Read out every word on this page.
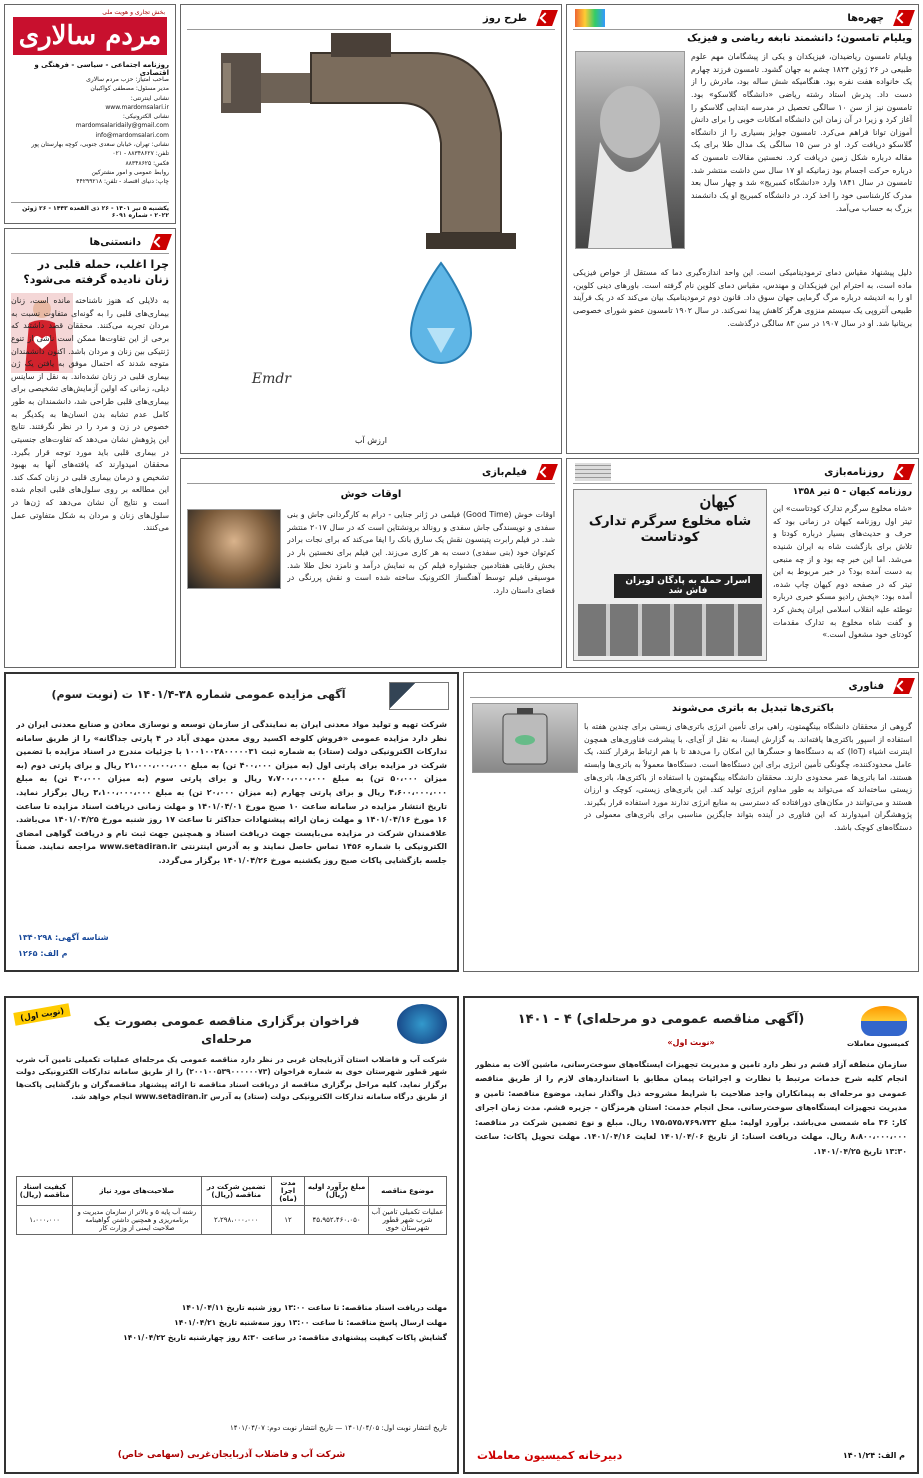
بخش تجاری و هویت ملی
مردم سالاری
روزنامه اجتماعی - سیاسی - فرهنگی و اقتصادی
صاحب امتیاز: حزب مردم سالاری
مدیر مسئول: مصطفی کواکبیان
نشانی اینترنتی:
www.mardomsalari.ir
نشانی الکترونیکی:
mardomsalaridaily@gmail.com
info@mardomsalari.com
نشانی: تهران، خیابان سعدی جنوبی، کوچه بهارستان پور
تلفن: ۸۸۳۴۸۶۲۷ - ۰۲۱
فکس: ۸۸۳۴۸۶۲۵
روابط عمومی و امور مشترکین
چاپ: دنیای اقتصاد - تلفن: ۴۴۲۹۹۲۱۸
یکشنبه ۵ تیر ۱۴۰۱ - ۲۶ ذی القعده ۱۴۴۳ - ۲۶ ژوئن ۲۰۲۲ - شماره ۶۰۹۱
دانستنی‌ها
چرا اغلب، حمله قلبی در زنان نادیده گرفته می‌شود؟
به دلایلی که هنوز ناشناخته مانده است، زنان بیماری‌های قلبی را به گونه‌ای متفاوت نسبت به مردان تجربه می‌کنند. محققان قصد داشتند که برخی از این تفاوت‌ها ممکن است ناشی از تنوع ژنتیکی بین زنان و مردان باشد. اکنون دانشمندان متوجه شدند که احتمال موفق به یافتن یک ژن بیماری قلبی در زنان نشده‌اند. به نقل از ساینس دیلی، زمانی که اولین آزمایش‌های تشخیصی برای بیماری‌های قلبی طراحی شد، دانشمندان به طور کامل عدم تشابه بدن انسان‌ها به یکدیگر به خصوص در زن و مرد را در نظر نگرفتند. نتایج این پژوهش نشان می‌دهد که تفاوت‌های جنسیتی در بیماری قلبی باید مورد توجه قرار بگیرد. محققان امیدوارند که یافته‌های آنها به بهبود تشخیص و درمان بیماری قلبی در زنان کمک کند. این مطالعه بر روی سلول‌های قلبی انجام شده است و نتایج آن نشان می‌دهد که ژن‌ها در سلول‌های زنان و مردان به شکل متفاوتی عمل می‌کنند.
طرح روز
Emdr
ارزش آب
چهره‌ها
ویلیام تامسون؛ دانشمند نابغه ریاضی و فیزیک
ویلیام تامسون ریاضیدان، فیزیکدان و یکی از پیشگامان مهم علوم طبیعی در ۲۶ ژوئن ۱۸۲۴ چشم به جهان گشود. تامسون فرزند چهارم یک خانواده هفت نفره بود. هنگامیکه شش ساله بود، مادرش را از دست داد. پدرش استاد رشته ریاضی «دانشگاه گلاسکو» بود. تامسون نیز از سن ۱۰ سالگی تحصیل در مدرسه ابتدایی گلاسکو را آغاز کرد و زیرا در آن زمان این دانشگاه امکانات خوبی را برای دانش آموزان توانا فراهم می‌کرد. تامسون جوایز بسیاری را از دانشگاه گلاسکو دریافت کرد. او در سن ۱۵ سالگی یک مدال طلا برای یک مقاله درباره شکل زمین دریافت کرد. نخستین مقالات تامسون که درباره حرکت اجسام بود زمانیکه او ۱۷ سال سن داشت منتشر شد. تامسون در سال ۱۸۴۱ وارد «دانشگاه کمبریج» شد و چهار سال بعد مدرک کارشناسی خود را اخذ کرد. در دانشگاه کمبریج او یک دانشمند بزرگ به حساب می‌آمد.
دلیل پیشنهاد مقیاس دمای ترمودینامیکی است. این واحد اندازه‌گیری دما که مستقل از خواص فیزیکی ماده است، به احترام این فیزیکدان و مهندس، مقیاس دمای کلوین نام گرفته است. باورهای دینی کلوین، او را به اندیشه درباره مرگ گرمایی جهان سوق داد. قانون دوم ترمودینامیک بیان می‌کند که در یک فرآیند طبیعی آنتروپی یک سیستم منزوی هرگز کاهش پیدا نمی‌کند. در سال ۱۹۰۲ تامسون عضو شورای خصوصی بریتانیا شد. او در سال ۱۹۰۷ در سن ۸۳ سالگی درگذشت.
فیلم‌بازی
اوقات خوش
اوقات خوش (Good Time) فیلمی در ژانر جنایی - درام به کارگردانی جاش و بنی سفدی و نویسندگی جاش سفدی و رونالد برونشتاین است که در سال ۲۰۱۷ منتشر شد. در فیلم رابرت پتینسون نقش یک سارق بانک را ایفا می‌کند که برای نجات برادر کم‌توان خود (بنی سفدی) دست به هر کاری می‌زند. این فیلم برای نخستین بار در بخش رقابتی هفتادمین جشنواره فیلم کن به نمایش درآمد و نامزد نخل طلا شد. موسیقی فیلم توسط آهنگساز الکترونیک ساخته شده است و نقش پررنگی در فضای داستان دارد.
روزنامه‌بازی
کیهان
شاه مخلوع سرگرم تدارک کودتاست
اسرار حمله به پادگان لویزان فاش شد
روزنامه کیهان - ۵ تیر ۱۳۵۸
«شاه مخلوع سرگرم تدارک کودتاست» این تیتر اول روزنامه کیهان در زمانی بود که حرف و حدیث‌های بسیار درباره کودتا و تلاش برای بازگشت شاه به ایران شنیده می‌شد. اما این خبر چه بود و از چه منبعی به دست آمده بود؟ در خبر مربوط به این تیتر که در صفحه دوم کیهان چاپ شده، آمده بود: «پخش رادیو مسکو خبری درباره توطئه علیه انقلاب اسلامی ایران پخش کرد و گفت شاه مخلوع به تدارک مقدمات کودتای خود مشغول است.»
آگهی مزایده عمومی شماره ۳۸-۱۴۰۱/۴ ت (نوبت سوم)
شرکت تهیه و تولید مواد معدنی ایران به نمایندگی از سازمان توسعه و نوسازی معادن و صنایع معدنی ایران در نظر دارد مزایده عمومی «فروش کلوخه اکسید روی معدن مهدی آباد در ۴ پارتی جداگانه» را از طریق سامانه تدارکات الکترونیکی دولت (ستاد) به شماره ثبت ۱۰۰۱۰۰۲۸۰۰۰۰۰۳۱ با جزئیات مندرج در اسناد مزایده با تضمین شرکت در مزایده برای پارتی اول (به میزان ۴۰۰،۰۰۰ تن) به مبلغ ۲۱،۰۰۰،۰۰۰،۰۰۰ ریال و برای پارتی دوم (به میزان ۵۰،۰۰۰ تن) به مبلغ ۷،۷۰۰،۰۰۰،۰۰۰ ریال و برای پارتی سوم (به میزان ۳۰،۰۰۰ تن) به مبلغ ۴،۶۰۰،۰۰۰،۰۰۰ ریال و برای پارتی چهارم (به میزان ۲۰،۰۰۰ تن) به مبلغ ۳،۱۰۰،۰۰۰،۰۰۰ ریال برگزار نماید. تاریخ انتشار مزایده در سامانه ساعت ۱۰ صبح مورخ ۱۴۰۱/۰۴/۰۱ و مهلت زمانی دریافت اسناد مزایده تا ساعت ۱۶ مورخ ۱۴۰۱/۰۴/۱۶ و مهلت زمان ارائه پیشنهادات حداکثر تا ساعت ۱۷ روز شنبه مورخ ۱۴۰۱/۰۴/۲۵ می‌باشد. علاقمندان شرکت در مزایده می‌بایست جهت دریافت اسناد و همچنین جهت ثبت نام و دریافت گواهی امضای الکترونیکی با شماره ۱۴۵۶ تماس حاصل نمایند و به آدرس اینترنتی www.setadiran.ir مراجعه نمایند. ضمناً جلسه بازگشایی پاکات صبح روز یکشنبه مورخ ۱۴۰۱/۰۴/۲۶ برگزار می‌گردد.
شناسه آگهی: ۱۳۴۰۲۹۸
م الف: ۱۲۶۵
فناوری
باکتری‌ها تبدیل به باتری می‌شوند
گروهی از محققان دانشگاه بینگهمتون، راهی برای تأمین انرژی باتری‌های زیستی برای چندین هفته با استفاده از اسپور باکتری‌ها یافته‌اند. به گزارش ایسنا، به نقل از آی‌ای، با پیشرفت فناوری‌های همچون اینترنت اشیاء (IoT) که به دستگاه‌ها و حسگرها این امکان را می‌دهد تا با هم ارتباط برقرار کنند، یک عامل محدودکننده، چگونگی تأمین انرژی برای این دستگاه‌ها است. دستگاه‌ها معمولاً به باتری‌ها وابسته هستند، اما باتری‌ها عمر محدودی دارند. محققان دانشگاه بینگهمتون با استفاده از باکتری‌ها، باتری‌های زیستی ساخته‌اند که می‌تواند به طور مداوم انرژی تولید کند. این باتری‌های زیستی، کوچک و ارزان هستند و می‌توانند در مکان‌های دورافتاده که دسترسی به منابع انرژی ندارند مورد استفاده قرار بگیرند. پژوهشگران امیدوارند که این فناوری در آینده بتواند جایگزین مناسبی برای باتری‌های معمولی در دستگاه‌های کوچک باشد.
(نوبت اول)	فراخوان برگزاری مناقصه عمومی بصورت یک مرحله‌ای
شرکت آب و فاضلاب استان آذربایجان غربی در نظر دارد مناقصه عمومی یک مرحله‌ای عملیات تکمیلی تامین آب شرب شهر قطور شهرستان خوی به شماره فراخوان (۲۰۰۱۰۰۵۳۹۰۰۰۰۰۰۷۳) را از طریق سامانه تدارکات الکترونیکی دولت برگزار نماید. کلیه مراحل برگزاری مناقصه از دریافت اسناد مناقصه تا ارائه پیشنهاد مناقصه‌گران و بازگشایی پاکت‌ها از طریق درگاه سامانه تدارکات الکترونیکی دولت (ستاد) به آدرس www.setadiran.ir انجام خواهد شد.
موضوع مناقصه	مبلغ برآورد اولیه (ریال)	مدت اجرا (ماه)	تضمین شرکت در مناقصه (ریال)	صلاحیت‌های مورد نیاز	کیفیت اسناد مناقصه (ریال)
عملیات تکمیلی تامین آب شرب شهر قطور شهرستان خوی	۴۵،۹۵۲،۴۶۰،۰۵۰	۱۲	۲،۲۹۸،۰۰۰،۰۰۰	رشته آب پایه ۵ و بالاتر از سازمان مدیریت و برنامه‌ریزی و همچنین داشتن گواهینامه صلاحیت ایمنی از وزارت کار	۱،۰۰۰،۰۰۰
مهلت دریافت اسناد مناقصه: تا ساعت ۱۳:۰۰ روز شنبه تاریخ ۱۴۰۱/۰۴/۱۱
مهلت ارسال پاسخ مناقصه: تا ساعت ۱۳:۰۰ روز سه‌شنبه تاریخ ۱۴۰۱/۰۴/۲۱
گشایش پاکات کیفیت پیشنهادی مناقصه: در ساعت ۸:۳۰ روز چهارشنبه تاریخ ۱۴۰۱/۰۴/۲۲
تاریخ انتشار نوبت اول: ۱۴۰۱/۰۴/۰۵ — تاریخ انتشار نوبت دوم: ۱۴۰۱/۰۴/۰۷
شرکت آب و فاضلاب آذربایجان‌غربی (سهامی خاص)
کمیسیون معاملات
(آگهی مناقصه عمومی دو مرحله‌ای) ۴ - ۱۴۰۱
«نوبت اول»
سازمان منطقه آزاد قشم در نظر دارد تامین و مدیریت تجهیزات ایستگاه‌های سوخت‌رسانی، ماشین آلات به منظور انجام کلیه شرح خدمات مرتبط با نظارت و اجرائیات پیمان مطابق با استانداردهای لازم را از طریق مناقصه عمومی دو مرحله‌ای به پیمانکاران واجد صلاحیت با شرایط مشروحه ذیل واگذار نماید. موضوع مناقصه: تامین و مدیریت تجهیزات ایستگاه‌های سوخت‌رسانی. محل انجام خدمت: استان هرمزگان - جزیره قشم. مدت زمان اجرای کار: ۳۶ ماه شمسی می‌باشد. برآورد اولیه: مبلغ ۱۷۵،۵۷۵،۷۶۹،۷۳۲ ریال. مبلغ و نوع تضمین شرکت در مناقصه: ۸،۸۰۰،۰۰۰،۰۰۰ ریال. مهلت دریافت اسناد: از تاریخ ۱۴۰۱/۰۴/۰۶ لغایت ۱۴۰۱/۰۴/۱۶. مهلت تحویل پاکات: ساعت ۱۳:۳۰ تاریخ ۱۴۰۱/۰۴/۲۵.
م الف: ۱۴۰۱/۲۴
دبیرخانه کمیسیون معاملات
